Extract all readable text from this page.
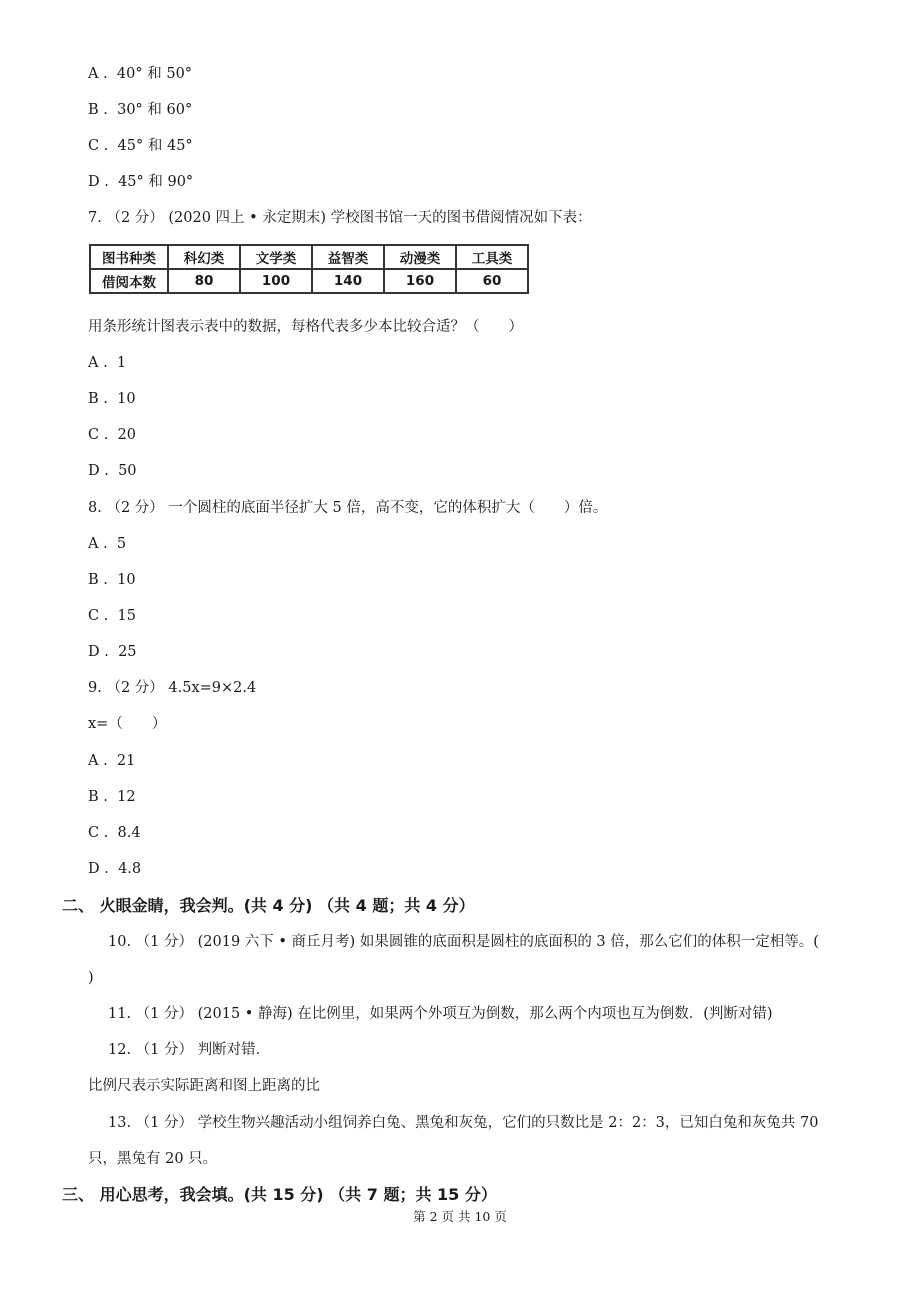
A . 40° 和 50°
B . 30° 和 60°
C . 45° 和 45°
D . 45° 和 90°
7. （2 分） (2020 四上 • 永定期末) 学校图书馆一天的图书借阅情况如下表：
图书种类	科幻类	文学类	益智类	动漫类	工具类
借阅本数	80	100	140	160	60
用条形统计图表示表中的数据，每格代表多少本比较合适？（　　）
A . 1
B . 10
C . 20
D . 50
8. （2 分） 一个圆柱的底面半径扩大 5 倍，高不变，它的体积扩大（　　）倍。
A . 5
B . 10
C . 15
D . 25
9. （2 分） 4.5x=9×2.4
x=（　　）
A . 21
B . 12
C . 8.4
D . 4.8
二、 火眼金睛，我会判。(共 4 分) （共 4 题；共 4 分）
10. （1 分） (2019 六下 • 商丘月考) 如果圆锥的底面积是圆柱的底面积的 3 倍，那么它们的体积一定相等。(
)
11. （1 分） (2015 • 静海) 在比例里，如果两个外项互为倒数，那么两个内项也互为倒数．(判断对错)
12. （1 分） 判断对错．
比例尺表示实际距离和图上距离的比
13. （1 分） 学校生物兴趣活动小组饲养白兔、黑兔和灰兔，它们的只数比是 2：2：3，已知白兔和灰兔共 70
只，黑兔有 20 只。
三、 用心思考，我会填。(共 15 分) （共 7 题；共 15 分）
第 2 页 共 10 页
